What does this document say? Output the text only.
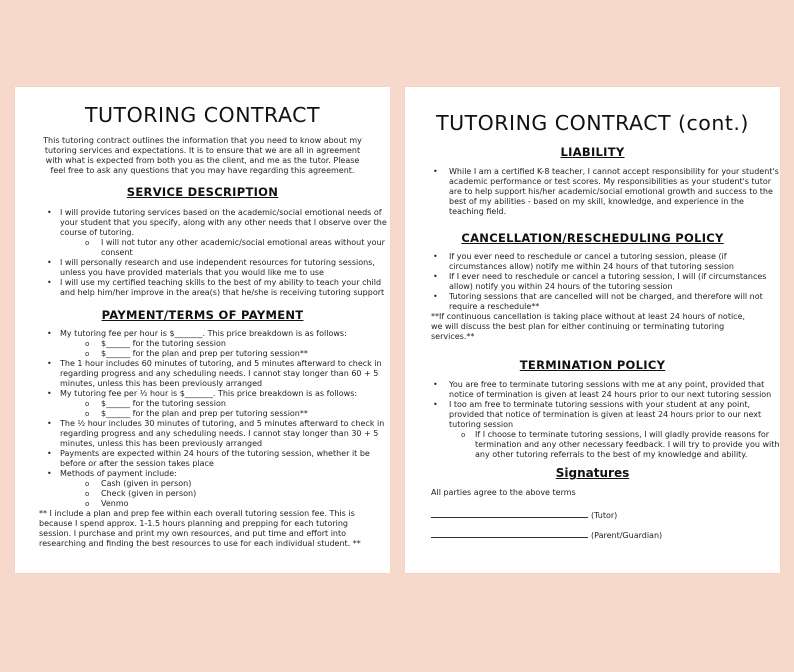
TUTORING CONTRACT

This tutoring contract outlines the information that you need to know about my tutoring services and expectations. It is to ensure that we are all in agreement with what is expected from both you as the client, and me as the tutor. Please feel free to ask any questions that you may have regarding this agreement.

SERVICE DESCRIPTION
• I will provide tutoring services based on the academic/social emotional needs of your student that you specify, along with any other needs that I observe over the course of tutoring.
o I will not tutor any other academic/social emotional areas without your consent
• I will personally research and use independent resources for tutoring sessions, unless you have provided materials that you would like me to use
• I will use my certified teaching skills to the best of my ability to teach your child and help him/her improve in the area(s) that he/she is receiving tutoring support
PAYMENT/TERMS OF PAYMENT
• My tutoring fee per hour is $_______. This price breakdown is as follows:
o $______ for the tutoring session
o $______ for the plan and prep per tutoring session**
• The 1 hour includes 60 minutes of tutoring, and 5 minutes afterward to check in regarding progress and any scheduling needs. I cannot stay longer than 60 + 5 minutes, unless this has been previously arranged
• My tutoring fee per ½ hour is $_______. This price breakdown is as follows:
o $______ for the tutoring session
o $______ for the plan and prep per tutoring session**
• The ½ hour includes 30 minutes of tutoring, and 5 minutes afterward to check in regarding progress and any scheduling needs. I cannot stay longer than 30 + 5 minutes, unless this has been previously arranged
• Payments are expected within 24 hours of the tutoring session, whether it be before or after the session takes place
• Methods of payment include:
o Cash (given in person)
o Check (given in person)
o Venmo

** I include a plan and prep fee within each overall tutoring session fee. This is because I spend approx. 1-1.5 hours planning and prepping for each tutoring session. I purchase and print my own resources, and put time and effort into researching and finding the best resources to use for each individual student. **

TUTORING CONTRACT (cont.)
LIABILITY
• While I am a certified K-8 teacher, I cannot accept responsibility for your student's academic performance or test scores. My responsibilities as your student's tutor are to help support his/her academic/social emotional growth and success to the best of my abilities - based on my skill, knowledge, and experience in the teaching field.
CANCELLATION/RESCHEDULING POLICY
• If you ever need to reschedule or cancel a tutoring session, please (if circumstances allow) notify me within 24 hours of that tutoring session
• If I ever need to reschedule or cancel a tutoring session, I will (if circumstances allow) notify you within 24 hours of the tutoring session
• Tutoring sessions that are cancelled will not be charged, and therefore will not require a reschedule**

**If continuous cancellation is taking place without at least 24 hours of notice, we will discuss the best plan for either continuing or terminating tutoring services.**

TERMINATION POLICY
• You are free to terminate tutoring sessions with me at any point, provided that notice of termination is given at least 24 hours prior to our next tutoring session
• I too am free to terminate tutoring sessions with your student at any point, provided that notice of termination is given at least 24 hours prior to our next tutoring session
o If I choose to terminate tutoring sessions, I will gladly provide reasons for termination and any other necessary feedback. I will try to provide you with any other tutoring referrals to the best of my knowledge and ability.
Signatures

All parties agree to the above terms

(Tutor)
(Parent/Guardian)
